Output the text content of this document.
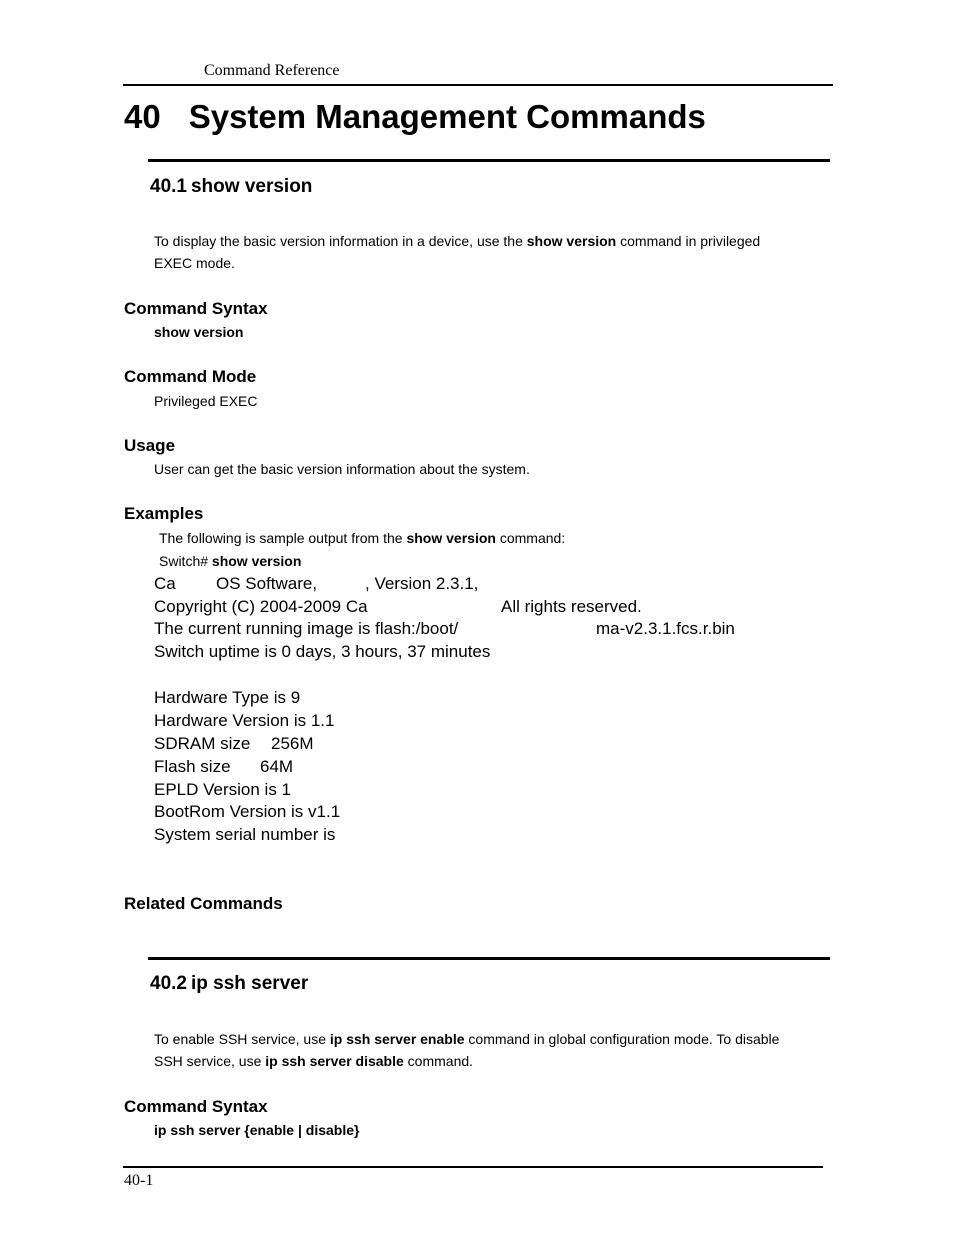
Command Reference
40 System Management Commands
40.1 show version
To display the basic version information in a device, use the show version command in privileged
EXEC mode.
Command Syntax
show version
Command Mode
Privileged EXEC
Usage
User can get the basic version information about the system.
Examples
The following is sample output from the show version command:
Switch# show version
Ca OS Software,	, Version 2.3.1,
Copyright (C) 2004-2009 Ca	All rights reserved.
The current running image is flash:/boot/	ma-v2.3.1.fcs.r.bin
Switch uptime is 0 days, 3 hours, 37 minutes
Hardware Type is 9
Hardware Version is 1.1
SDRAM size 256M
Flash size 64M
EPLD Version is 1
BootRom Version is v1.1
System serial number is
Related Commands
40.2 ip ssh server
To enable SSH service, use ip ssh server enable command in global configuration mode. To disable
SSH service, use ip ssh server disable command.
Command Syntax
ip ssh server {enable | disable}
40-1
